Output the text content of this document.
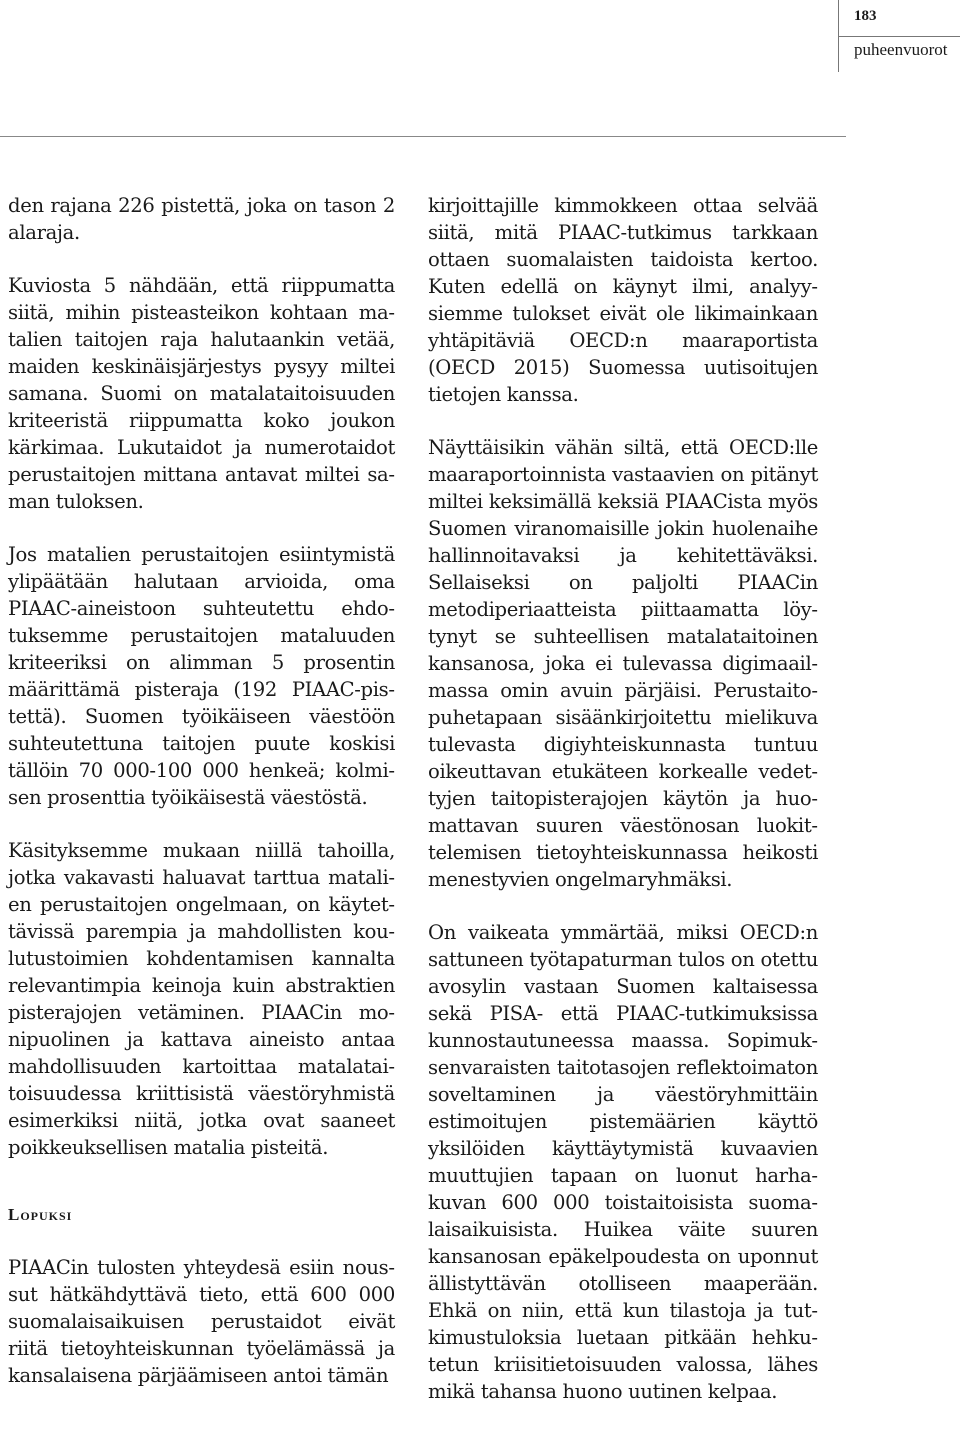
183
puheenvuorot

den rajana 226 pistettä, joka on tason 2 alaraja.

Kuviosta 5 nähdään, että riippumatta siitä, mihin pisteasteikon kohtaan matalien taitojen raja halutaankin vetää, maiden keskinäisjärjestys pysyy miltei samana. Suomi on matalataitoisuuden kriteeristä riippumatta koko joukon kärkimaa. Lukutaidot ja numerotaidot perustaitojen mittana antavat miltei saman tuloksen.

Jos matalien perustaitojen esiintymistä ylipäätään halutaan arvioida, oma PIAAC-aineistoon suhteutettu ehdotuksemme perustaitojen mataluuden kriteeriksi on alimman 5 prosentin määrittämä pisteraja (192 PIAAC-pistettä). Suomen työikäiseen väestöön suhteutettuna taitojen puute koskisi tällöin 70 000-100 000 henkeä; kolmisen prosenttia työikäisestä väestöstä.

Käsityksemme mukaan niillä tahoilla, jotka vakavasti haluavat tarttua matalien perustaitojen ongelmaan, on käytettävissä parempia ja mahdollisten koulutustoimien kohdentamisen kannalta relevantimpia keinoja kuin abstraktien pisterajojen vetäminen. PIAACin monipuolinen ja kattava aineisto antaa mahdollisuuden kartoittaa matalataitoisuudessa kriittisistä väestöryhmistä esimerkiksi niitä, jotka ovat saaneet poikkeuksellisen matalia pisteitä.

Lopuksi

PIAACin tulosten yhteydesä esiin noussut hätkähdyttävä tieto, että 600 000 suomalaisaikuisen perustaidot eivät riitä tietoyhteiskunnan työelämässä ja kansalaisena pärjäämiseen antoi tämän

kirjoittajille kimmokkeen ottaa selvää siitä, mitä PIAAC-tutkimus tarkkaan ottaen suomalaisten taidoista kertoo. Kuten edellä on käynyt ilmi, analyysiemme tulokset eivät ole likimainkaan yhtäpitäviä OECD:n maaraportista (OECD 2015) Suomessa uutisoitujen tietojen kanssa.

Näyttäisikin vähän siltä, että OECD:lle maaraportoinnista vastaavien on pitänyt miltei keksimällä keksiä PIAACista myös Suomen viranomaisille jokin huolenaihe hallinnoitavaksi ja kehitettäväksi. Sellaiseksi on paljolti PIAACin metodiperiaatteista piittaamatta löytynyt se suhteellisen matalataitoinen kansanosa, joka ei tulevassa digimaailmassa omin avuin pärjäisi. Perustaitopuhetapaan sisäänkirjoitettu mielikuva tulevasta digiyhteiskunnasta tuntuu oikeuttavan etukäteen korkealle vedettyjen taitopisterajojen käytön ja huomattavan suuren väestönosan luokittelemisen tietoyhteiskunnassa heikosti menestyvien ongelmaryhmäksi.

On vaikeata ymmärtää, miksi OECD:n sattuneen työtapaturman tulos on otettu avosylin vastaan Suomen kaltaisessa sekä PISA- että PIAAC-tutkimuksissa kunnostautuneessa maassa. Sopimuksenvaraisten taitotasojen reflektoimaton soveltaminen ja väestöryhmittäin estimoitujen pistemäärien käyttö yksilöiden käyttäytymistä kuvaavien muuttujien tapaan on luonut harhakuvan 600 000 toistaitoisista suomalaisaikuisista. Huikea väite suuren kansanosan epäkelpoudesta on uponnut ällistyttävän otolliseen maaperään. Ehkä on niin, että kun tilastoja ja tutkimustuloksia luetaan pitkään hehkutetun kriisitietoisuuden valossa, lähes mikä tahansa huono uutinen kelpaa.
